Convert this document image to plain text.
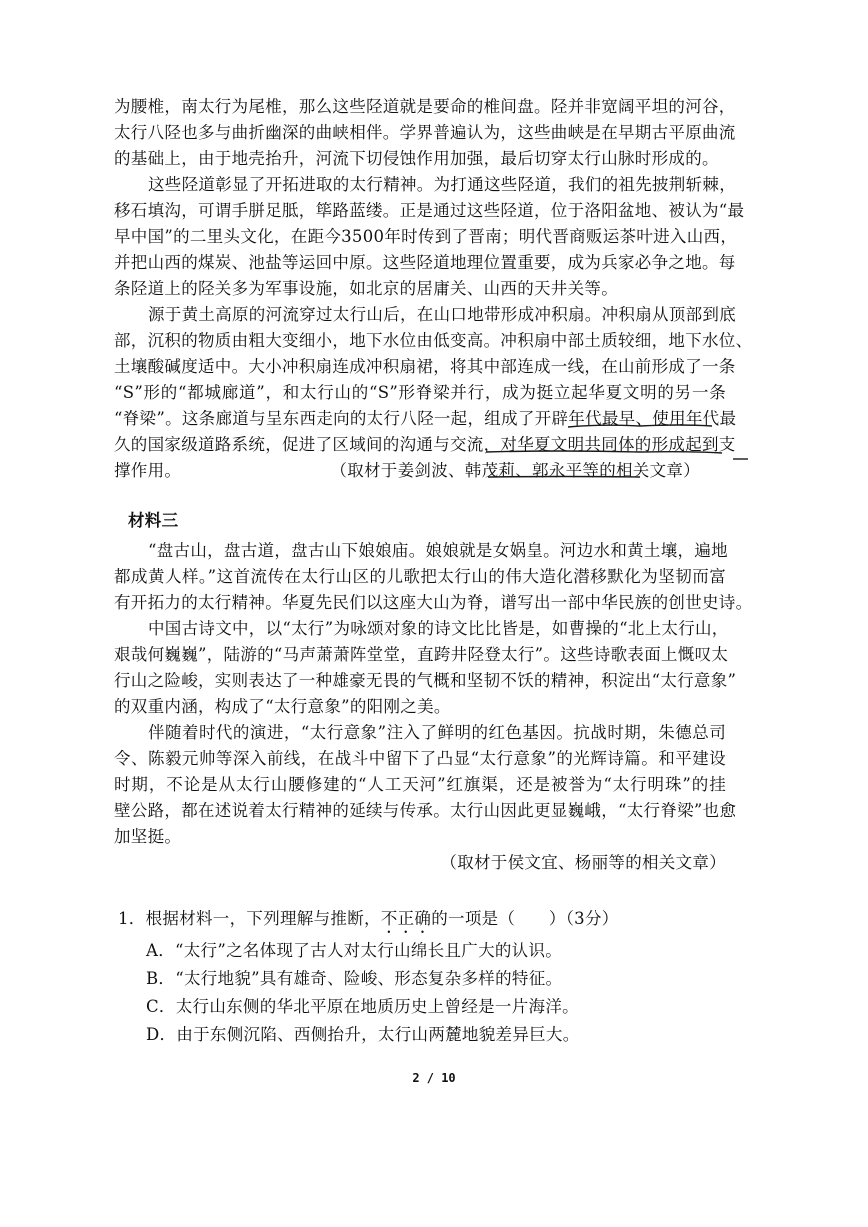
为腰椎，南太行为尾椎，那么这些陉道就是要命的椎间盘。陉并非宽阔平坦的河谷，
太行八陉也多与曲折幽深的曲峡相伴。学界普遍认为，这些曲峡是在早期古平原曲流
的基础上，由于地壳抬升，河流下切侵蚀作用加强，最后切穿太行山脉时形成的。
这些陉道彰显了开拓进取的太行精神。为打通这些陉道，我们的祖先披荆斩棘，
移石填沟，可谓手胼足胝，筚路蓝缕。正是通过这些陉道，位于洛阳盆地、被认为“最
早中国”的二里头文化，在距今3500年时传到了晋南；明代晋商贩运茶叶进入山西，
并把山西的煤炭、池盐等运回中原。这些陉道地理位置重要，成为兵家必争之地。每
条陉道上的陉关多为军事设施，如北京的居庸关、山西的天井关等。
源于黄土高原的河流穿过太行山后，在山口地带形成冲积扇。冲积扇从顶部到底
部，沉积的物质由粗大变细小，地下水位由低变高。冲积扇中部土质较细，地下水位、
土壤酸碱度适中。大小冲积扇连成冲积扇裙，将其中部连成一线，在山前形成了一条
“S”形的“都城廊道”，和太行山的“S”形脊梁并行，成为挺立起华夏文明的另一条
“脊梁”。这条廊道与呈东西走向的太行八陉一起，组成了开辟年代最早、使用年代最
久的国家级道路系统，促进了区域间的沟通与交流，对华夏文明共同体的形成起到支
撑作用。	（取材于姜剑波、韩茂莉、郭永平等的相关文章）
材料三
“盘古山，盘古道，盘古山下娘娘庙。娘娘就是女娲皇。河边水和黄土壤，遍地
都成黄人样。”这首流传在太行山区的儿歌把太行山的伟大造化潜移默化为坚韧而富
有开拓力的太行精神。华夏先民们以这座大山为脊，谱写出一部中华民族的创世史诗。
中国古诗文中，以“太行”为咏颂对象的诗文比比皆是，如曹操的“北上太行山，
艰哉何巍巍”，陆游的“马声萧萧阵堂堂，直跨井陉登太行”。这些诗歌表面上慨叹太
行山之险峻，实则表达了一种雄豪无畏的气概和坚韧不饫的精神，积淀出“太行意象”
的双重内涵，构成了“太行意象”的阳刚之美。
伴随着时代的演进，“太行意象”注入了鲜明的红色基因。抗战时期，朱德总司
令、陈毅元帅等深入前线，在战斗中留下了凸显“太行意象”的光辉诗篇。和平建设
时期，不论是从太行山腰修建的“人工天河”红旗渠，还是被誉为“太行明珠”的挂
壁公路，都在述说着太行精神的延续与传承。太行山因此更显巍峨，“太行脊梁”也愈
加坚挺。
（取材于侯文宜、杨丽等的相关文章）
1．根据材料一，下列理解与推断，不正确的一项是（　　）（3分）
A．“太行”之名体现了古人对太行山绵长且广大的认识。
B．“太行地貌”具有雄奇、险峻、形态复杂多样的特征。
C．太行山东侧的华北平原在地质历史上曾经是一片海洋。
D．由于东侧沉陷、西侧抬升，太行山两麓地貌差异巨大。
2 / 10
